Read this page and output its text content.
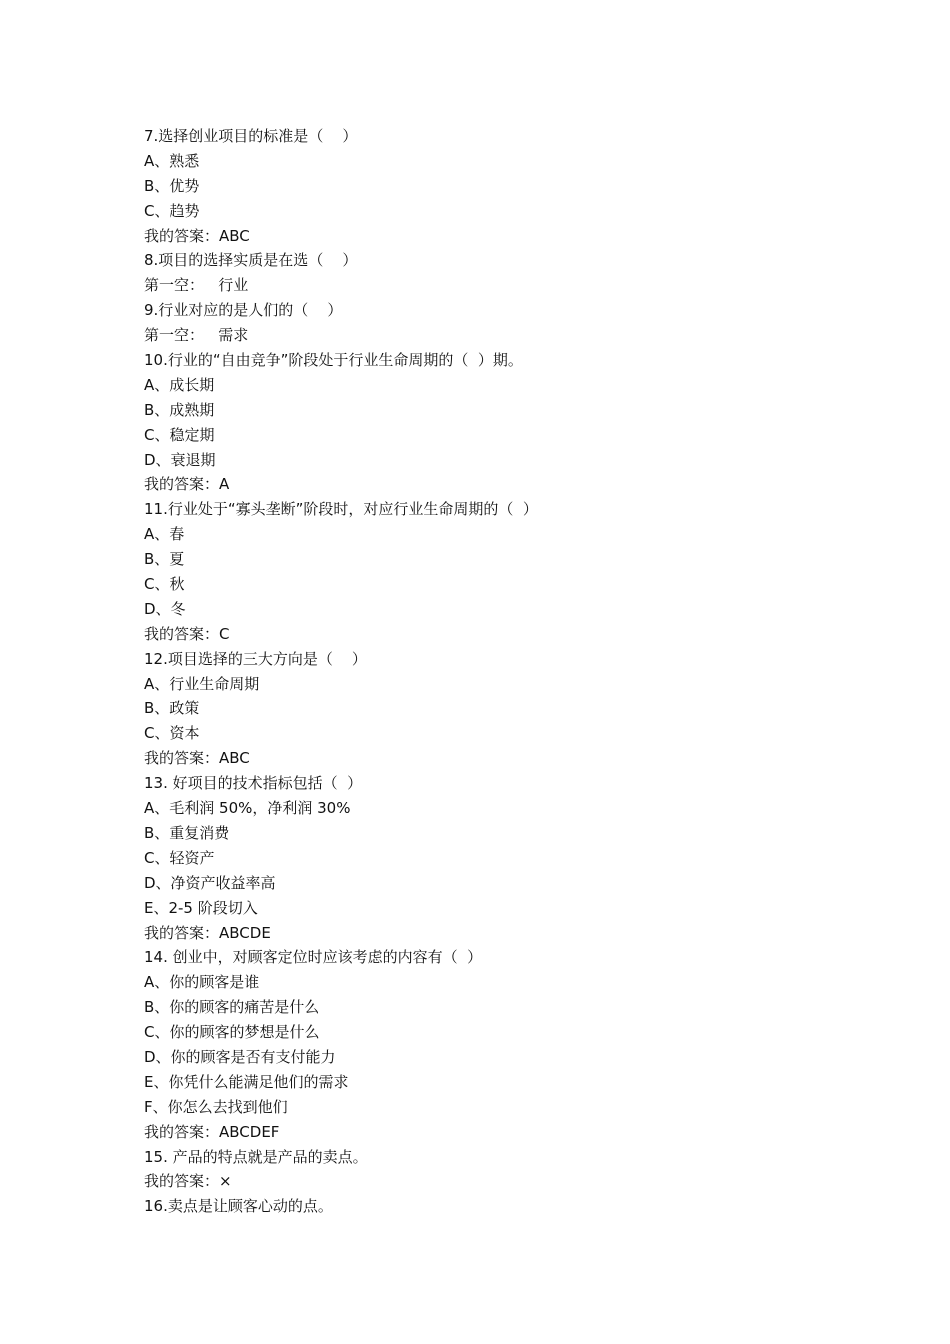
7.选择创业项目的标准是（    ）
A、熟悉
B、优势
C、趋势
我的答案：ABC
8.项目的选择实质是在选（    ）
第一空：   行业
9.行业对应的是人们的（    ）
第一空：   需求
10.行业的“自由竞争”阶段处于行业生命周期的（  ）期。
A、成长期
B、成熟期
C、稳定期
D、衰退期
我的答案：A
11.行业处于“寡头垄断”阶段时，对应行业生命周期的（  ）
A、春
B、夏
C、秋
D、冬
我的答案：C
12.项目选择的三大方向是（    ）
A、行业生命周期
B、政策
C、资本
我的答案：ABC
13. 好项目的技术指标包括（  ）
A、毛利润 50%，净利润 30%
B、重复消费
C、轻资产
D、净资产收益率高
E、2-5 阶段切入
我的答案：ABCDE
14. 创业中，对顾客定位时应该考虑的内容有（  ）
A、你的顾客是谁
B、你的顾客的痛苦是什么
C、你的顾客的梦想是什么
D、你的顾客是否有支付能力
E、你凭什么能满足他们的需求
F、你怎么去找到他们
我的答案：ABCDEF
15. 产品的特点就是产品的卖点。
我的答案：×
16.卖点是让顾客心动的点。
